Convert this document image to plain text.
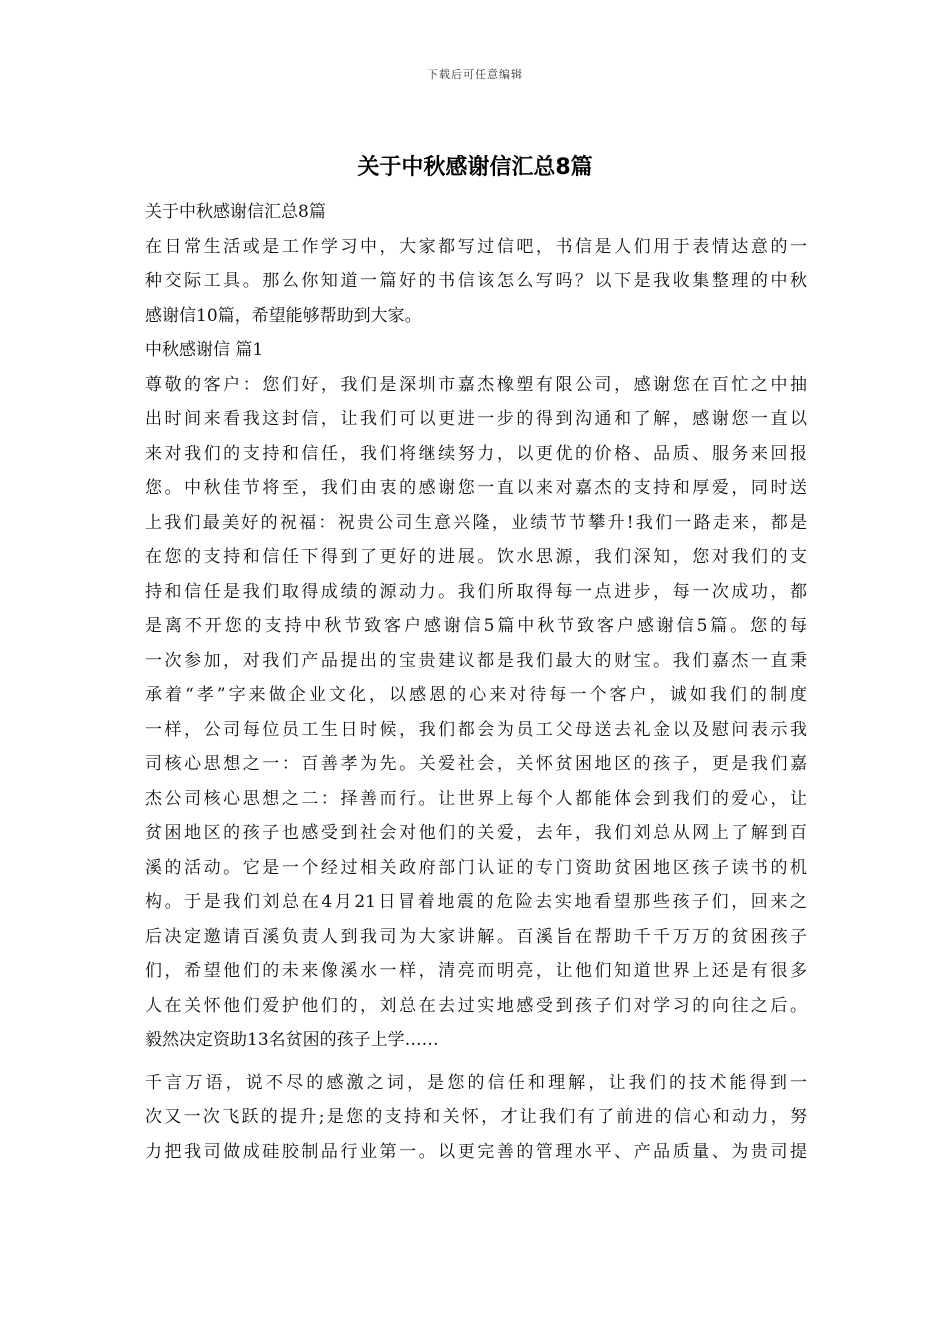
下载后可任意编辑
关于中秋感谢信汇总8篇
关于中秋感谢信汇总8篇
在日常生活或是工作学习中，大家都写过信吧，书信是人们用于表情达意的一
种交际工具。那么你知道一篇好的书信该怎么写吗？以下是我收集整理的中秋
感谢信10篇，希望能够帮助到大家。
中秋感谢信 篇1
尊敬的客户：您们好，我们是深圳市嘉杰橡塑有限公司，感谢您在百忙之中抽
出时间来看我这封信，让我们可以更进一步的得到沟通和了解，感谢您一直以
来对我们的支持和信任，我们将继续努力，以更优的价格、品质、服务来回报
您。中秋佳节将至，我们由衷的感谢您一直以来对嘉杰的支持和厚爱，同时送
上我们最美好的祝福：祝贵公司生意兴隆，业绩节节攀升!我们一路走来，都是
在您的支持和信任下得到了更好的进展。饮水思源，我们深知，您对我们的支
持和信任是我们取得成绩的源动力。我们所取得每一点进步，每一次成功，都
是离不开您的支持中秋节致客户感谢信5篇中秋节致客户感谢信5篇。您的每
一次参加，对我们产品提出的宝贵建议都是我们最大的财宝。我们嘉杰一直秉
承着“孝”字来做企业文化，以感恩的心来对待每一个客户，诚如我们的制度
一样，公司每位员工生日时候，我们都会为员工父母送去礼金以及慰问表示我
司核心思想之一：百善孝为先。关爱社会，关怀贫困地区的孩子，更是我们嘉
杰公司核心思想之二：择善而行。让世界上每个人都能体会到我们的爱心，让
贫困地区的孩子也感受到社会对他们的关爱，去年，我们刘总从网上了解到百
溪的活动。它是一个经过相关政府部门认证的专门资助贫困地区孩子读书的机
构。于是我们刘总在4月21日冒着地震的危险去实地看望那些孩子们，回来之
后决定邀请百溪负责人到我司为大家讲解。百溪旨在帮助千千万万的贫困孩子
们，希望他们的未来像溪水一样，清亮而明亮，让他们知道世界上还是有很多
人在关怀他们爱护他们的，刘总在去过实地感受到孩子们对学习的向往之后。
毅然决定资助13名贫困的孩子上学……
千言万语，说不尽的感激之词，是您的信任和理解，让我们的技术能得到一
次又一次飞跃的提升;是您的支持和关怀，才让我们有了前进的信心和动力，努
力把我司做成硅胶制品行业第一。以更完善的管理水平、产品质量、为贵司提
